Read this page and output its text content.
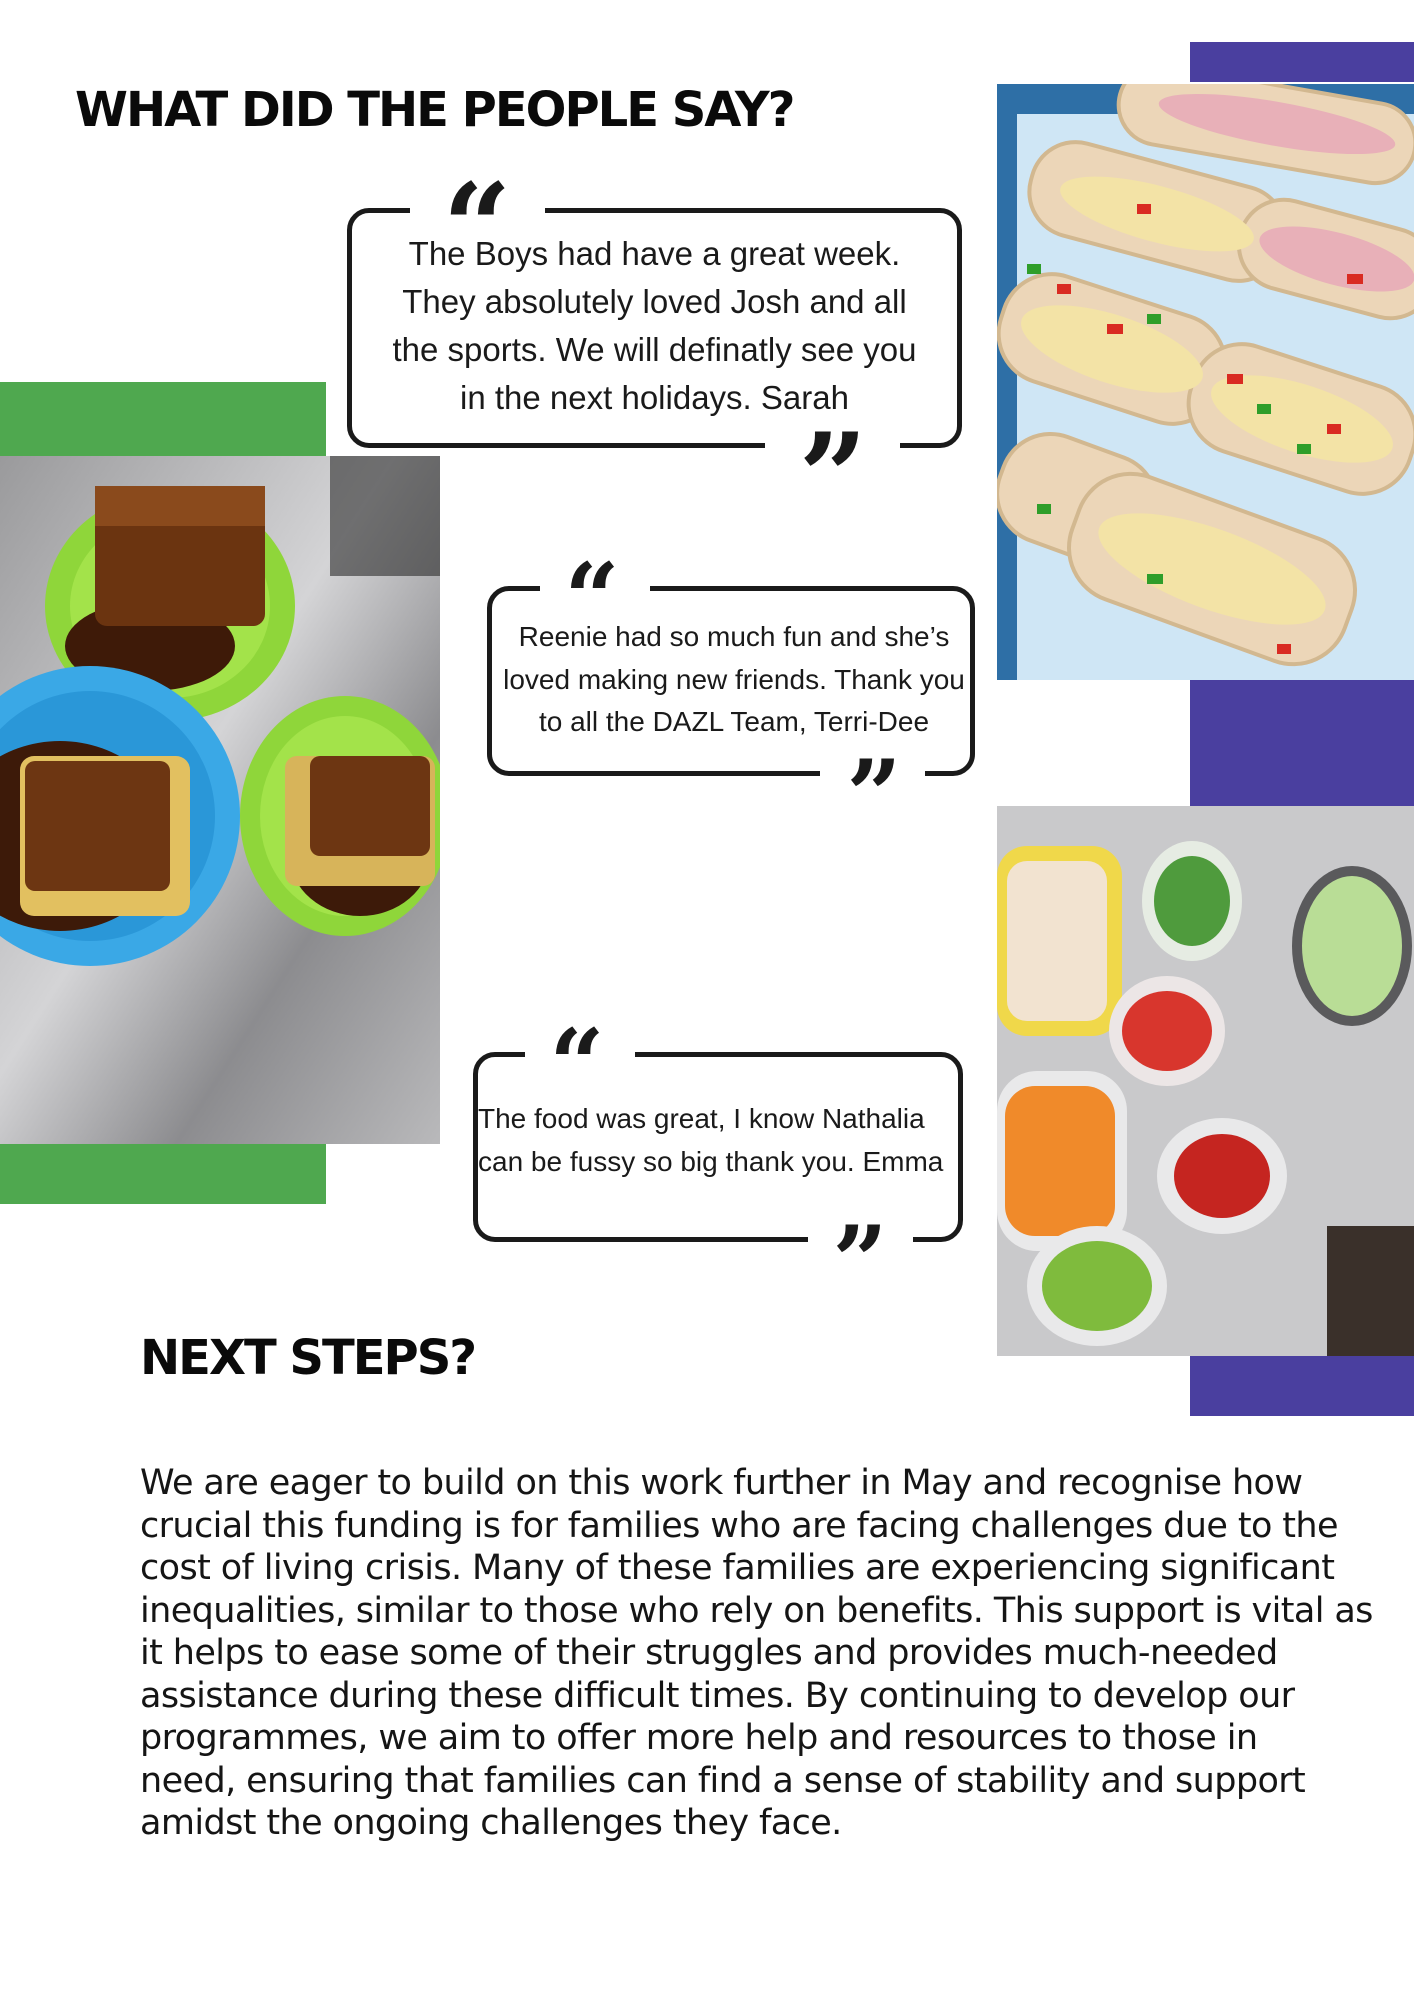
WHAT DID THE PEOPLE SAY?
NEXT STEPS?
“
”
The Boys had have a great week.
They absolutely loved Josh and all
the sports. We will definatly see you
in the next holidays. Sarah
“
”
Reenie had so much fun and she’s
loved making new friends. Thank you
to all the DAZL Team, Terri-Dee
“
”
The food was great, I know Nathalia
can be fussy so big thank you. Emma
We are eager to build on this work further in May and recognise how
crucial this funding is for families who are facing challenges due to the
cost of living crisis. Many of these families are experiencing significant
inequalities, similar to those who rely on benefits. This support is vital as
it helps to ease some of their struggles and provides much-needed
assistance during these difficult times. By continuing to develop our
programmes, we aim to offer more help and resources to those in
need, ensuring that families can find a sense of stability and support
amidst the ongoing challenges they face.
